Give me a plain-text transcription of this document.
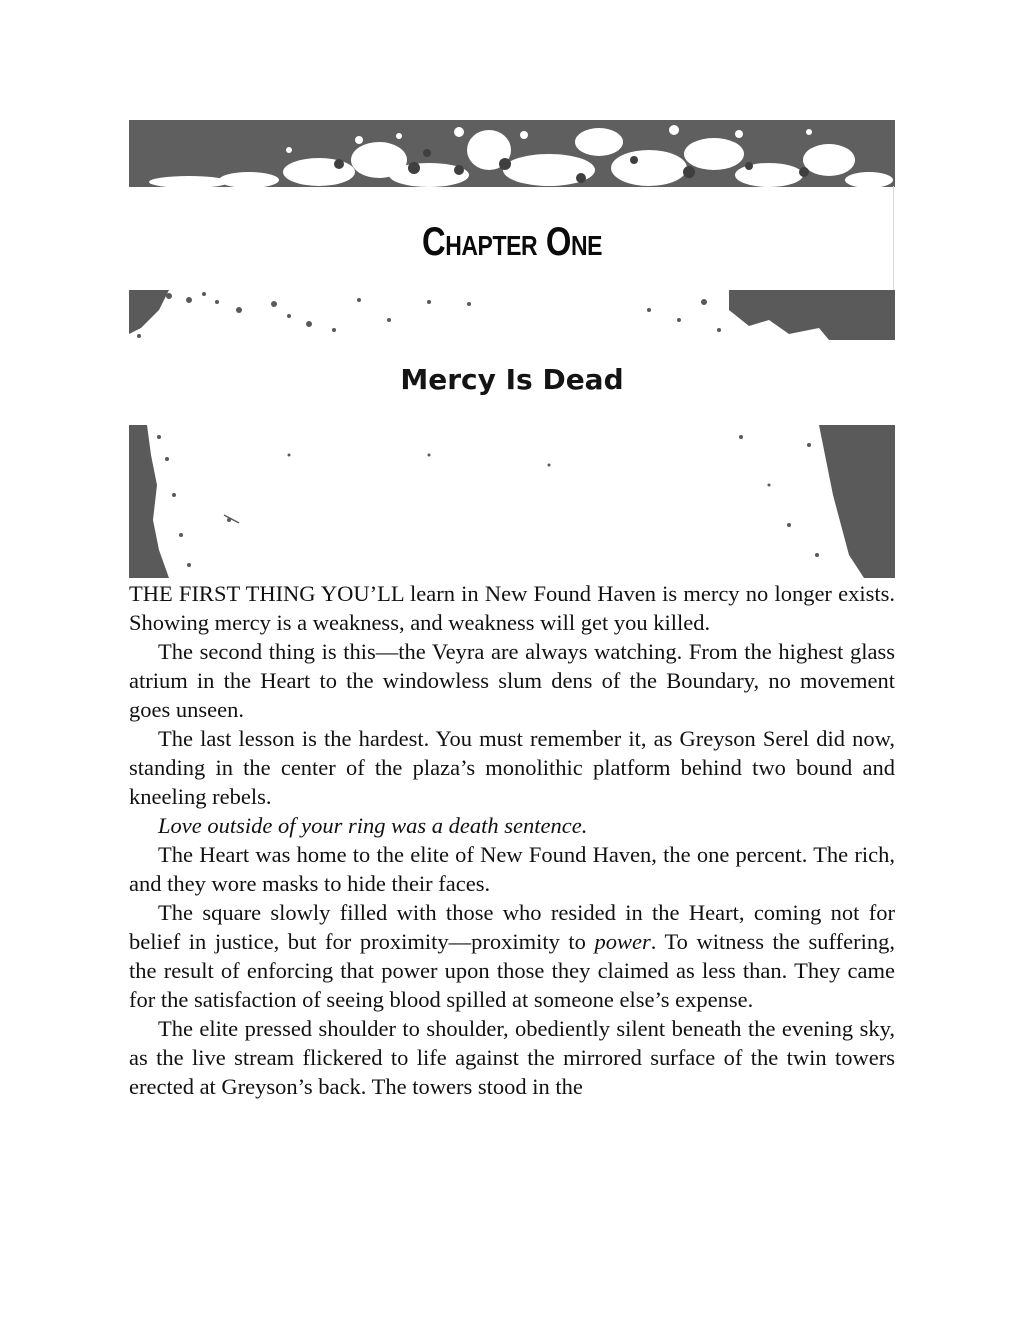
Chapter One
Mercy Is Dead

THE FIRST THING YOU’LL learn in New Found Haven is mercy no longer exists. Showing mercy is a weakness, and weakness will get you killed.

The second thing is this—the Veyra are always watching. From the highest glass atrium in the Heart to the windowless slum dens of the Boundary, no movement goes unseen.

The last lesson is the hardest. You must remember it, as Greyson Serel did now, standing in the center of the plaza’s monolithic platform behind two bound and kneeling rebels.

Love outside of your ring was a death sentence.

The Heart was home to the elite of New Found Haven, the one percent. The rich, and they wore masks to hide their faces.

The square slowly filled with those who resided in the Heart, coming not for belief in justice, but for proximity—proximity to power. To witness the suffering, the result of enforcing that power upon those they claimed as less than. They came for the satisfaction of seeing blood spilled at someone else’s expense.

The elite pressed shoulder to shoulder, obediently silent beneath the evening sky, as the live stream flickered to life against the mirrored surface of the twin towers erected at Greyson’s back. The towers stood in the
